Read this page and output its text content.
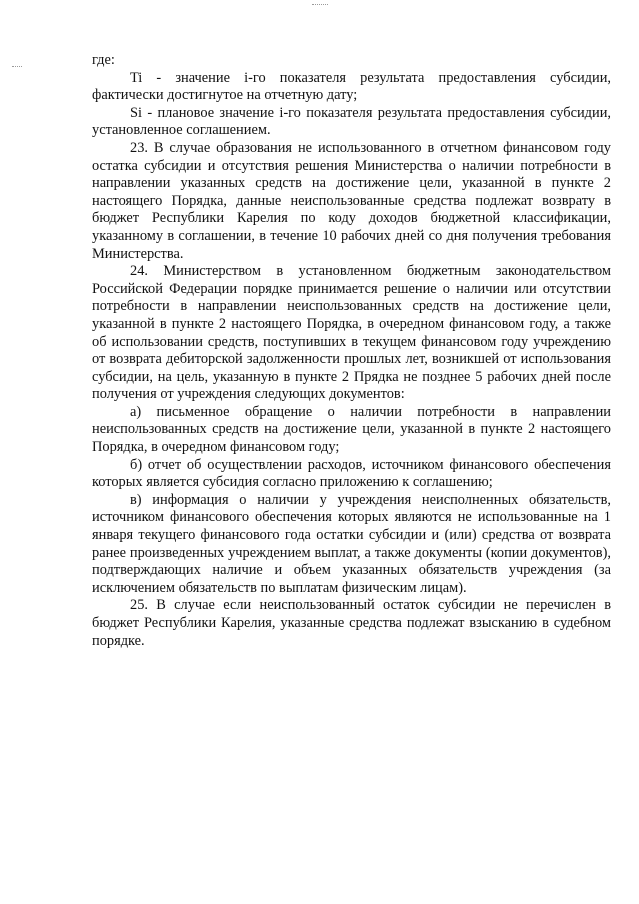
где:

Ti - значение i-го показателя результата предоставления субсидии, фактически достигнутое на отчетную дату;

Si - плановое значение i-го показателя результата предоставления субсидии, установленное соглашением.

23. В случае образования не использованного в отчетном финансовом году остатка субсидии и отсутствия решения Министерства о наличии потребности в направлении указанных средств на достижение цели, указанной в пункте 2 настоящего Порядка, данные неиспользованные средства подлежат возврату в бюджет Республики Карелия по коду доходов бюджетной классификации, указанному в соглашении, в течение 10 рабочих дней со дня получения требования Министерства.

24. Министерством в установленном бюджетным законодательством Российской Федерации порядке принимается решение о наличии или отсутствии потребности в направлении неиспользованных средств на достижение цели, указанной в пункте 2 настоящего Порядка, в очередном финансовом году, а также об использовании средств, поступивших в текущем финансовом году учреждению от возврата дебиторской задолженности прошлых лет, возникшей от использования субсидии, на цель, указанную в пункте 2 Прядка не позднее 5 рабочих дней после получения от учреждения следующих документов:

а) письменное обращение о наличии потребности в направлении неиспользованных средств на достижение цели, указанной в пункте 2 настоящего Порядка, в очередном финансовом году;

б) отчет об осуществлении расходов, источником финансового обеспечения которых является субсидия согласно приложению к соглашению;

в) информация о наличии у учреждения неисполненных обязательств, источником финансового обеспечения которых являются не использованные на 1 января текущего финансового года остатки субсидии и (или) средства от возврата ранее произведенных учреждением выплат, а также документы (копии документов), подтверждающих наличие и объем указанных обязательств учреждения (за исключением обязательств по выплатам физическим лицам).

25. В случае если неиспользованный остаток субсидии не перечислен в бюджет Республики Карелия, указанные средства подлежат взысканию в судебном порядке.
